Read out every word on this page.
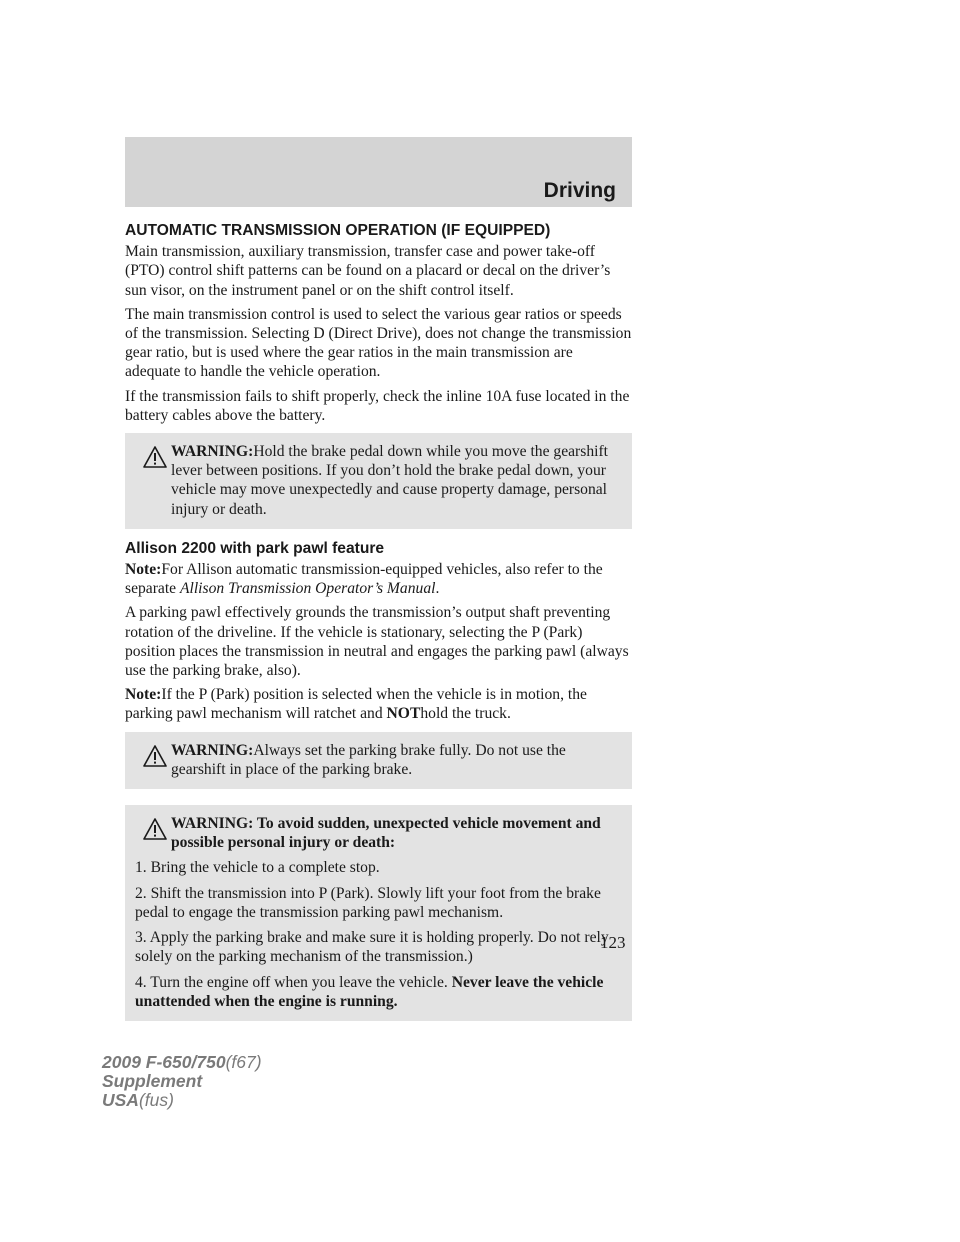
Driving
AUTOMATIC TRANSMISSION OPERATION (IF EQUIPPED)

Main transmission, auxiliary transmission, transfer case and power take-off (PTO) control shift patterns can be found on a placard or decal on the driver’s sun visor, on the instrument panel or on the shift control itself.

The main transmission control is used to select the various gear ratios or speeds of the transmission. Selecting D (Direct Drive), does not change the transmission gear ratio, but is used where the gear ratios in the main transmission are adequate to handle the vehicle operation.

If the transmission fails to shift properly, check the inline 10A fuse located in the battery cables above the battery.

WARNING:Hold the brake pedal down while you move the gearshift lever between positions. If you don’t hold the brake pedal down, your vehicle may move unexpectedly and cause property damage, personal injury or death.
Allison 2200 with park pawl feature

Note:For Allison automatic transmission-equipped vehicles, also refer to the separate Allison Transmission Operator’s Manual.

A parking pawl effectively grounds the transmission’s output shaft preventing rotation of the driveline. If the vehicle is stationary, selecting the P (Park) position places the transmission in neutral and engages the parking pawl (always use the parking brake, also).

Note:If the P (Park) position is selected when the vehicle is in motion, the parking pawl mechanism will ratchet and NOThold the truck.

WARNING:Always set the parking brake fully. Do not use the gearshift in place of the parking brake.

WARNING: To avoid sudden, unexpected vehicle movement and possible personal injury or death:

1. Bring the vehicle to a complete stop.

2. Shift the transmission into P (Park). Slowly lift your foot from the brake pedal to engage the transmission parking pawl mechanism.

3. Apply the parking brake and make sure it is holding properly. Do not rely solely on the parking mechanism of the transmission.)

4. Turn the engine off when you leave the vehicle. Never leave the vehicle unattended when the engine is running.

123
2009 F-650/750(f67)
Supplement
USA(fus)
